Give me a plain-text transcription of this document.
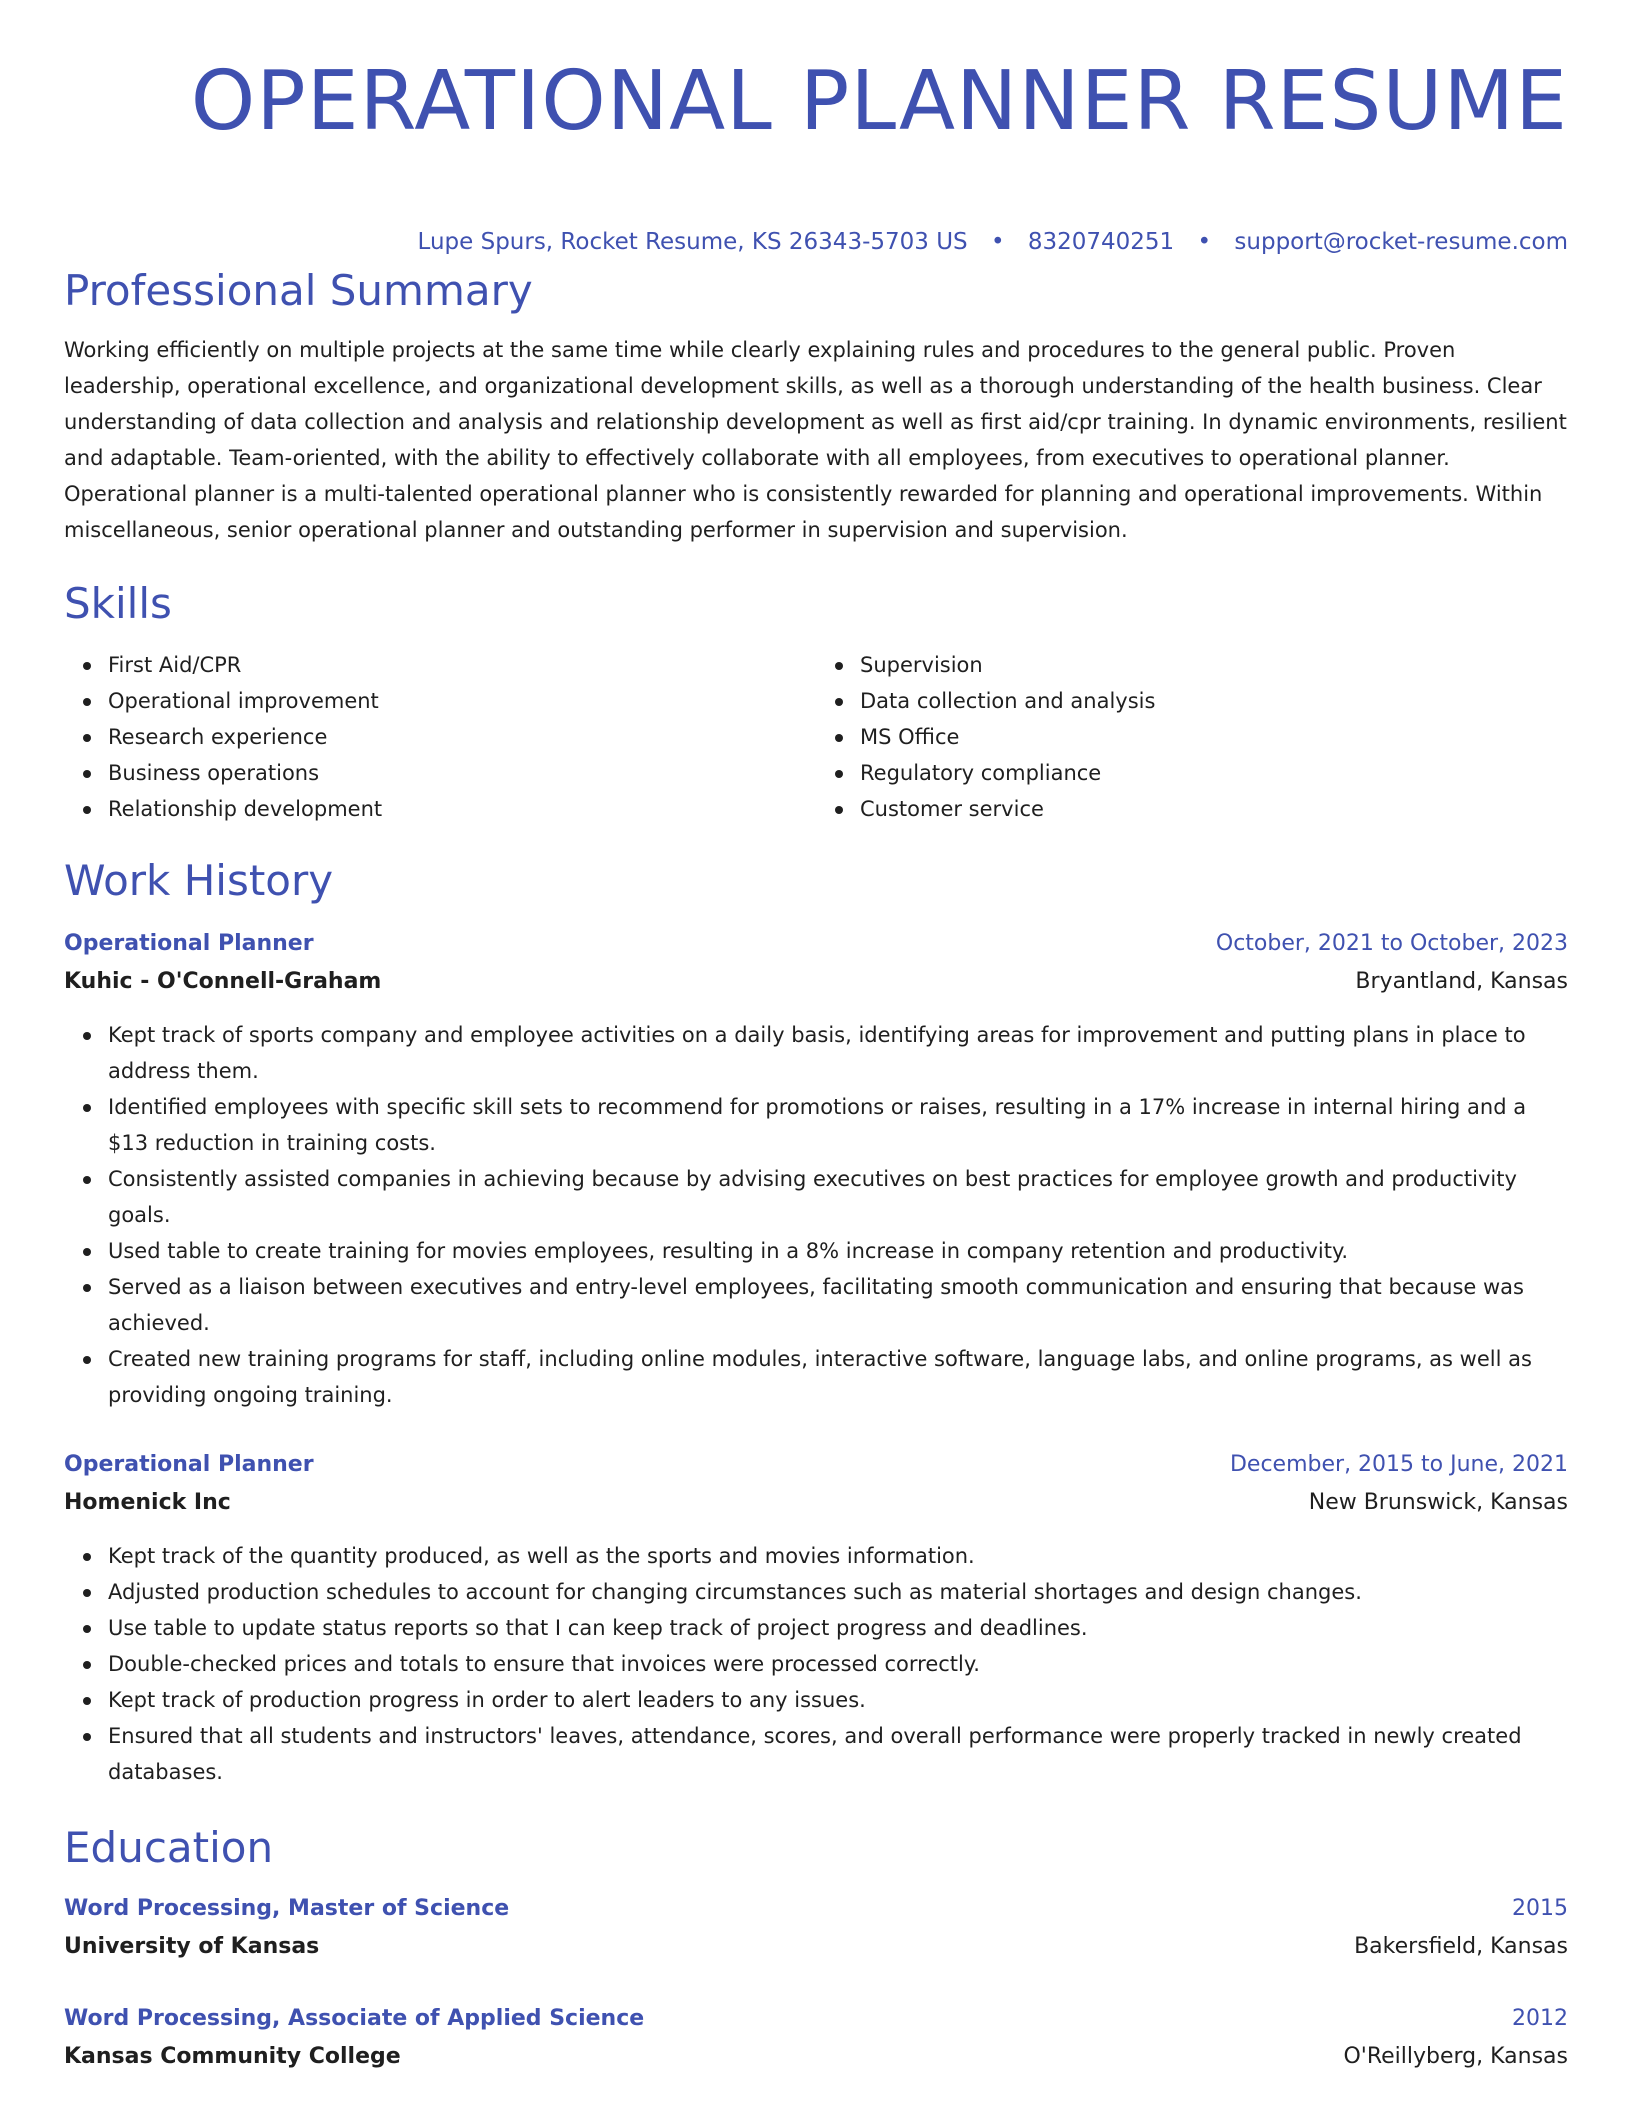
OPERATIONAL PLANNER RESUME
Lupe Spurs, Rocket Resume, KS 26343-5703 US • 8320740251 • support@rocket-resume.com
Professional Summary
Working efficiently on multiple projects at the same time while clearly explaining rules and procedures to the general public. Proven leadership, operational excellence, and organizational development skills, as well as a thorough understanding of the health business. Clear understanding of data collection and analysis and relationship development as well as first aid/cpr training. In dynamic environments, resilient and adaptable. Team-oriented, with the ability to effectively collaborate with all employees, from executives to operational planner. Operational planner is a multi-talented operational planner who is consistently rewarded for planning and operational improvements. Within miscellaneous, senior operational planner and outstanding performer in supervision and supervision.
Skills
First Aid/CPR
Operational improvement
Research experience
Business operations
Relationship development
Supervision
Data collection and analysis
MS Office
Regulatory compliance
Customer service
Work History
Operational Planner	October, 2021 to October, 2023
Kuhic - O'Connell-Graham	Bryantland, Kansas
Kept track of sports company and employee activities on a daily basis, identifying areas for improvement and putting plans in place to address them.
Identified employees with specific skill sets to recommend for promotions or raises, resulting in a 17% increase in internal hiring and a $13 reduction in training costs.
Consistently assisted companies in achieving because by advising executives on best practices for employee growth and productivity goals.
Used table to create training for movies employees, resulting in a 8% increase in company retention and productivity.
Served as a liaison between executives and entry-level employees, facilitating smooth communication and ensuring that because was achieved.
Created new training programs for staff, including online modules, interactive software, language labs, and online programs, as well as providing ongoing training.
Operational Planner	December, 2015 to June, 2021
Homenick Inc	New Brunswick, Kansas
Kept track of the quantity produced, as well as the sports and movies information.
Adjusted production schedules to account for changing circumstances such as material shortages and design changes.
Use table to update status reports so that I can keep track of project progress and deadlines.
Double-checked prices and totals to ensure that invoices were processed correctly.
Kept track of production progress in order to alert leaders to any issues.
Ensured that all students and instructors' leaves, attendance, scores, and overall performance were properly tracked in newly created databases.
Education
Word Processing, Master of Science	2015
University of Kansas	Bakersfield, Kansas
Word Processing, Associate of Applied Science	2012
Kansas Community College	O'Reillyberg, Kansas
